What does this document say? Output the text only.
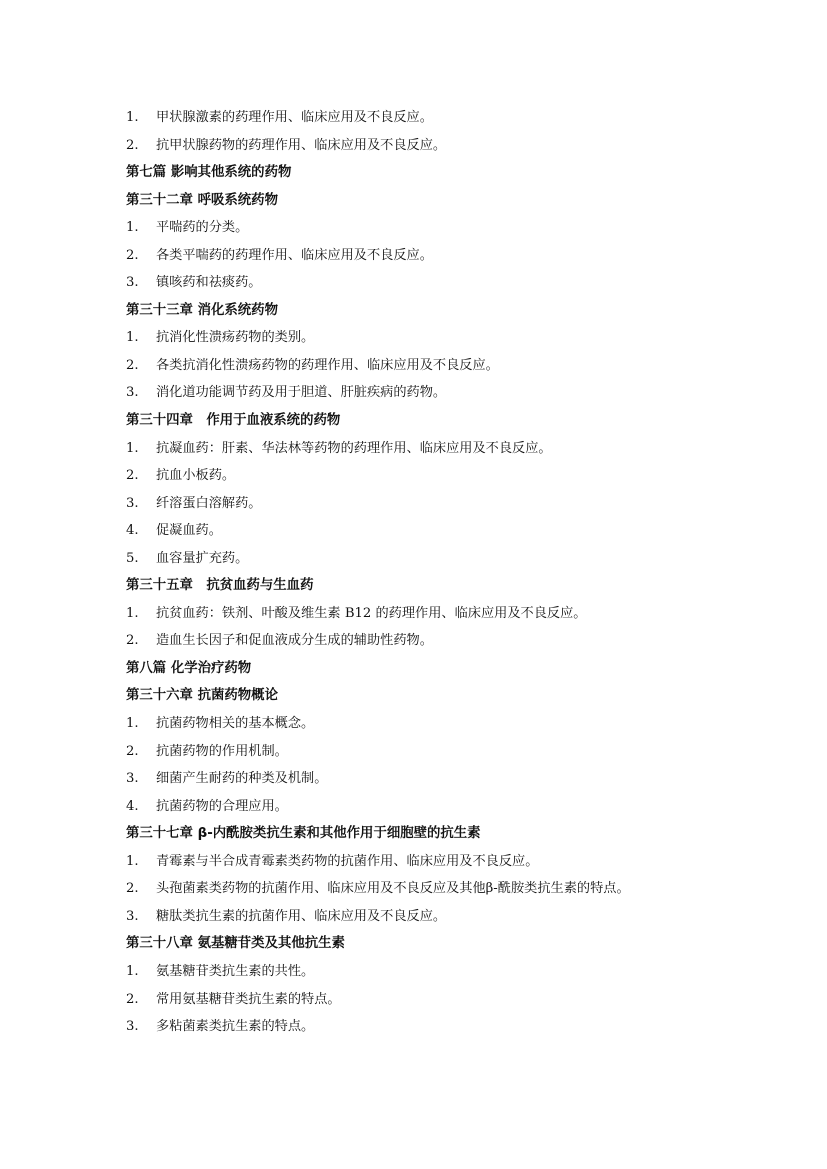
1. 甲状腺激素的药理作用、临床应用及不良反应。
2. 抗甲状腺药物的药理作用、临床应用及不良反应。
第七篇 影响其他系统的药物
第三十二章 呼吸系统药物
1. 平喘药的分类。
2. 各类平喘药的药理作用、临床应用及不良反应。
3. 镇咳药和祛痰药。
第三十三章 消化系统药物
1. 抗消化性溃疡药物的类别。
2. 各类抗消化性溃疡药物的药理作用、临床应用及不良反应。
3. 消化道功能调节药及用于胆道、肝脏疾病的药物。
第三十四章　作用于血液系统的药物
1. 抗凝血药：肝素、华法林等药物的药理作用、临床应用及不良反应。
2. 抗血小板药。
3. 纤溶蛋白溶解药。
4. 促凝血药。
5. 血容量扩充药。
第三十五章　抗贫血药与生血药
1. 抗贫血药：铁剂、叶酸及维生素 B12 的药理作用、临床应用及不良反应。
2. 造血生长因子和促血液成分生成的辅助性药物。
第八篇 化学治疗药物
第三十六章 抗菌药物概论
1. 抗菌药物相关的基本概念。
2. 抗菌药物的作用机制。
3. 细菌产生耐药的种类及机制。
4. 抗菌药物的合理应用。
第三十七章 β-内酰胺类抗生素和其他作用于细胞壁的抗生素
1. 青霉素与半合成青霉素类药物的抗菌作用、临床应用及不良反应。
2. 头孢菌素类药物的抗菌作用、临床应用及不良反应及其他β-酰胺类抗生素的特点。
3. 糖肽类抗生素的抗菌作用、临床应用及不良反应。
第三十八章 氨基糖苷类及其他抗生素
1. 氨基糖苷类抗生素的共性。
2. 常用氨基糖苷类抗生素的特点。
3. 多粘菌素类抗生素的特点。
